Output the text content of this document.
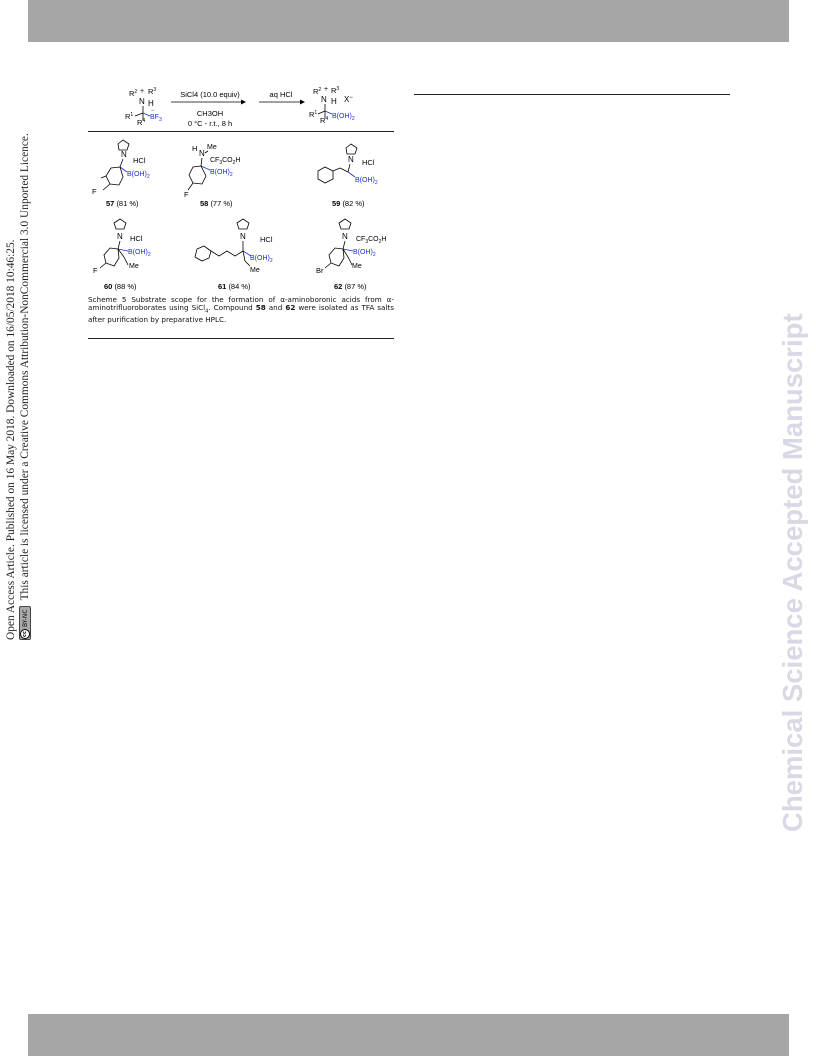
Open Access Article. Published on 16 May 2018. Downloaded on 16/05/2018 10:46:25.	cc
BY-NC
This article is licensed under a Creative Commons Attribution-NonCommercial 3.0 Unported Licence.	Chemical Science Accepted Manuscript
$R^2 + R^3$
N H
$R^1$
$R^4$ $BF_3$
−
$R^2 + R^3$
N H X−
$R^1$
$R^4$ $B(OH)_2$
N
HCl
$B(OH)_2$
F
H
N
Me
$CF_3CO_2H$
$B(OH)_2$
F
N HCl
$B(OH)_2$
N HCl
$B(OH)_2$
Me
F
N HCl
$B(OH)_2$
Me
N $CF_3CO_2H$
$B(OH)_2$
Me
Br
SiCl4 (10.0 equiv)
CH3OH
0 °C - r.t., 8 h
aq HCl
57 (81 %)	58 (77 %)	59 (82 %)
60 (88 %)	61 (84 %)	62 (87 %)
Scheme 5 Substrate scope for the formation of α-aminoboronic acids from α-aminotrifluoroborates using SiCl$_4$. Compound 58 and 62 were isolated as TFA salts after purification by preparative HPLC.
